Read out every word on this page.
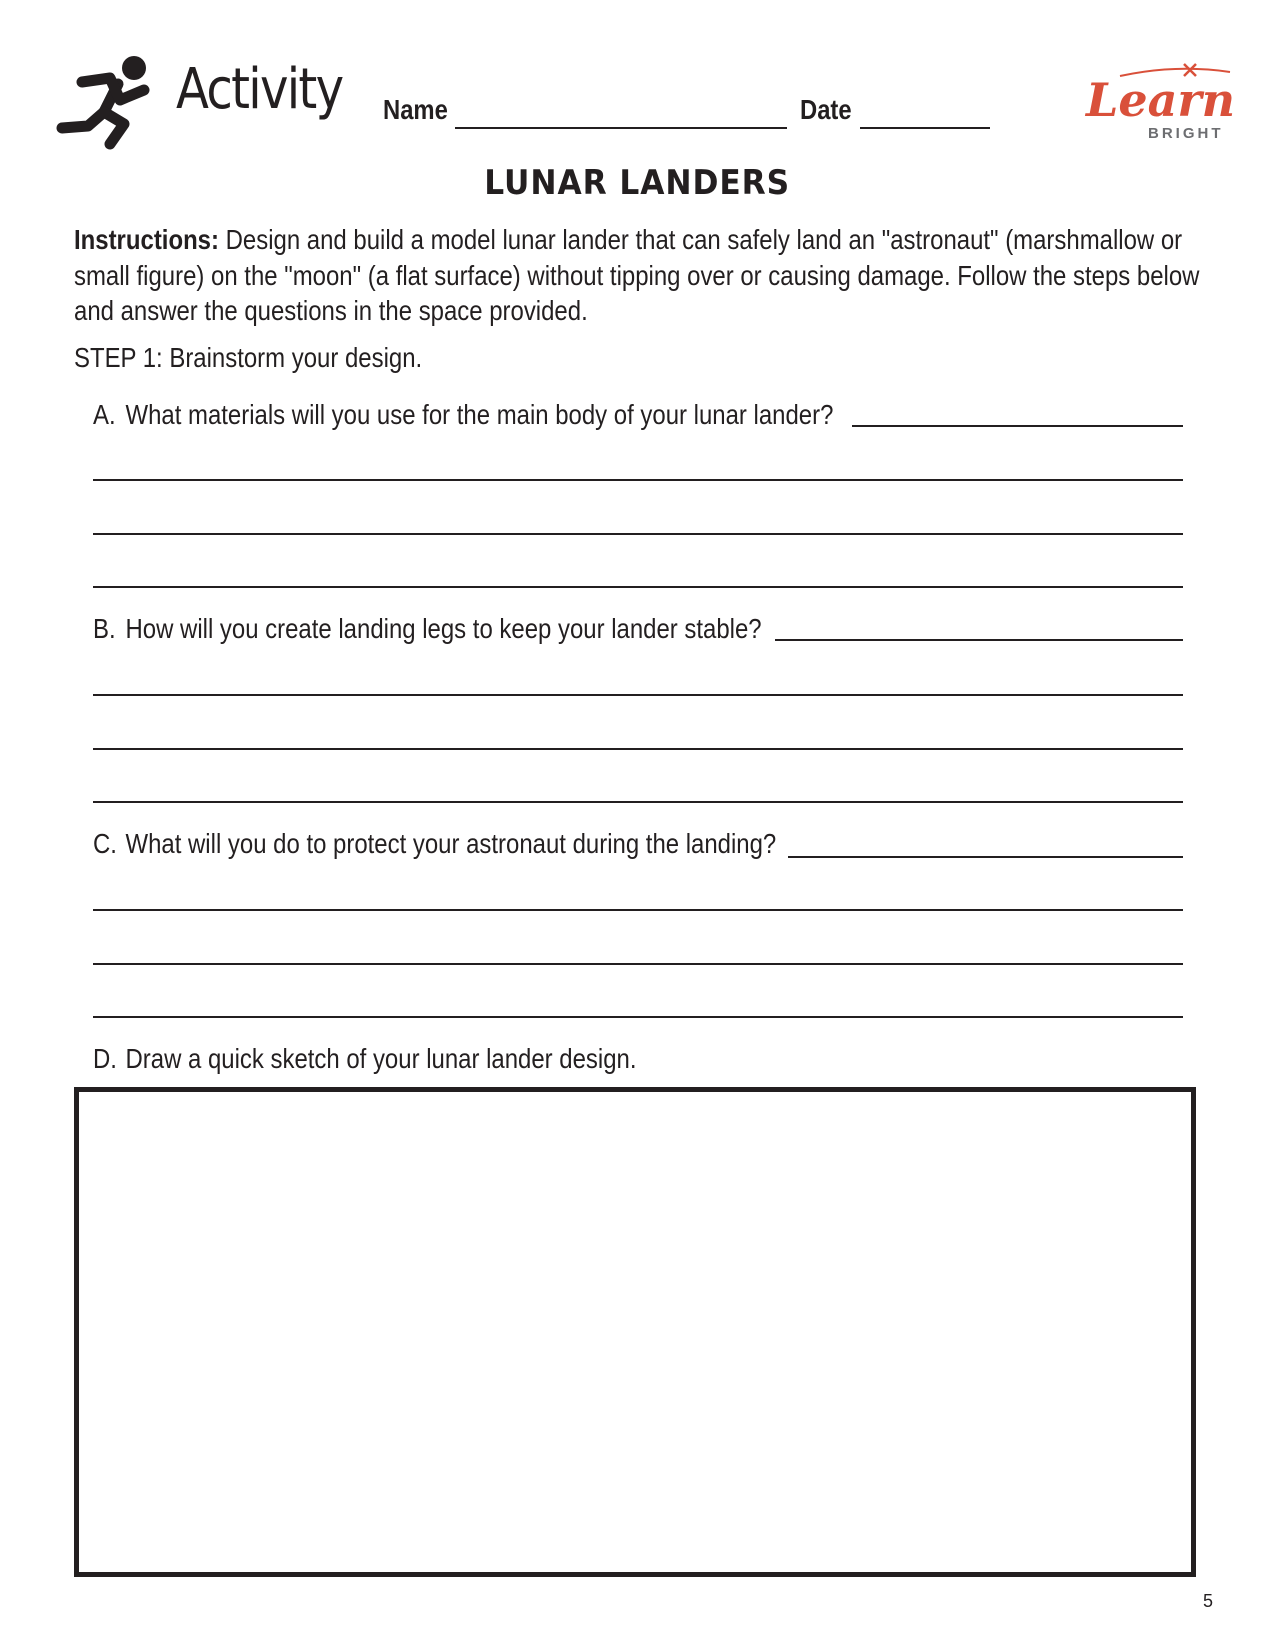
Activity Name	Date	Learn
BRIGHT
LUNAR LANDERS
Instructions: Design and build a model lunar lander that can safely land an "astronaut" (marshmallow or small figure) on the "moon" (a flat surface) without tipping over or causing damage. Follow the steps below and answer the questions in the space provided.
STEP 1: Brainstorm your design.
A. What materials will you use for the main body of your lunar lander?
B. How will you create landing legs to keep your lander stable?
C. What will you do to protect your astronaut during the landing?
D. Draw a quick sketch of your lunar lander design.
5
